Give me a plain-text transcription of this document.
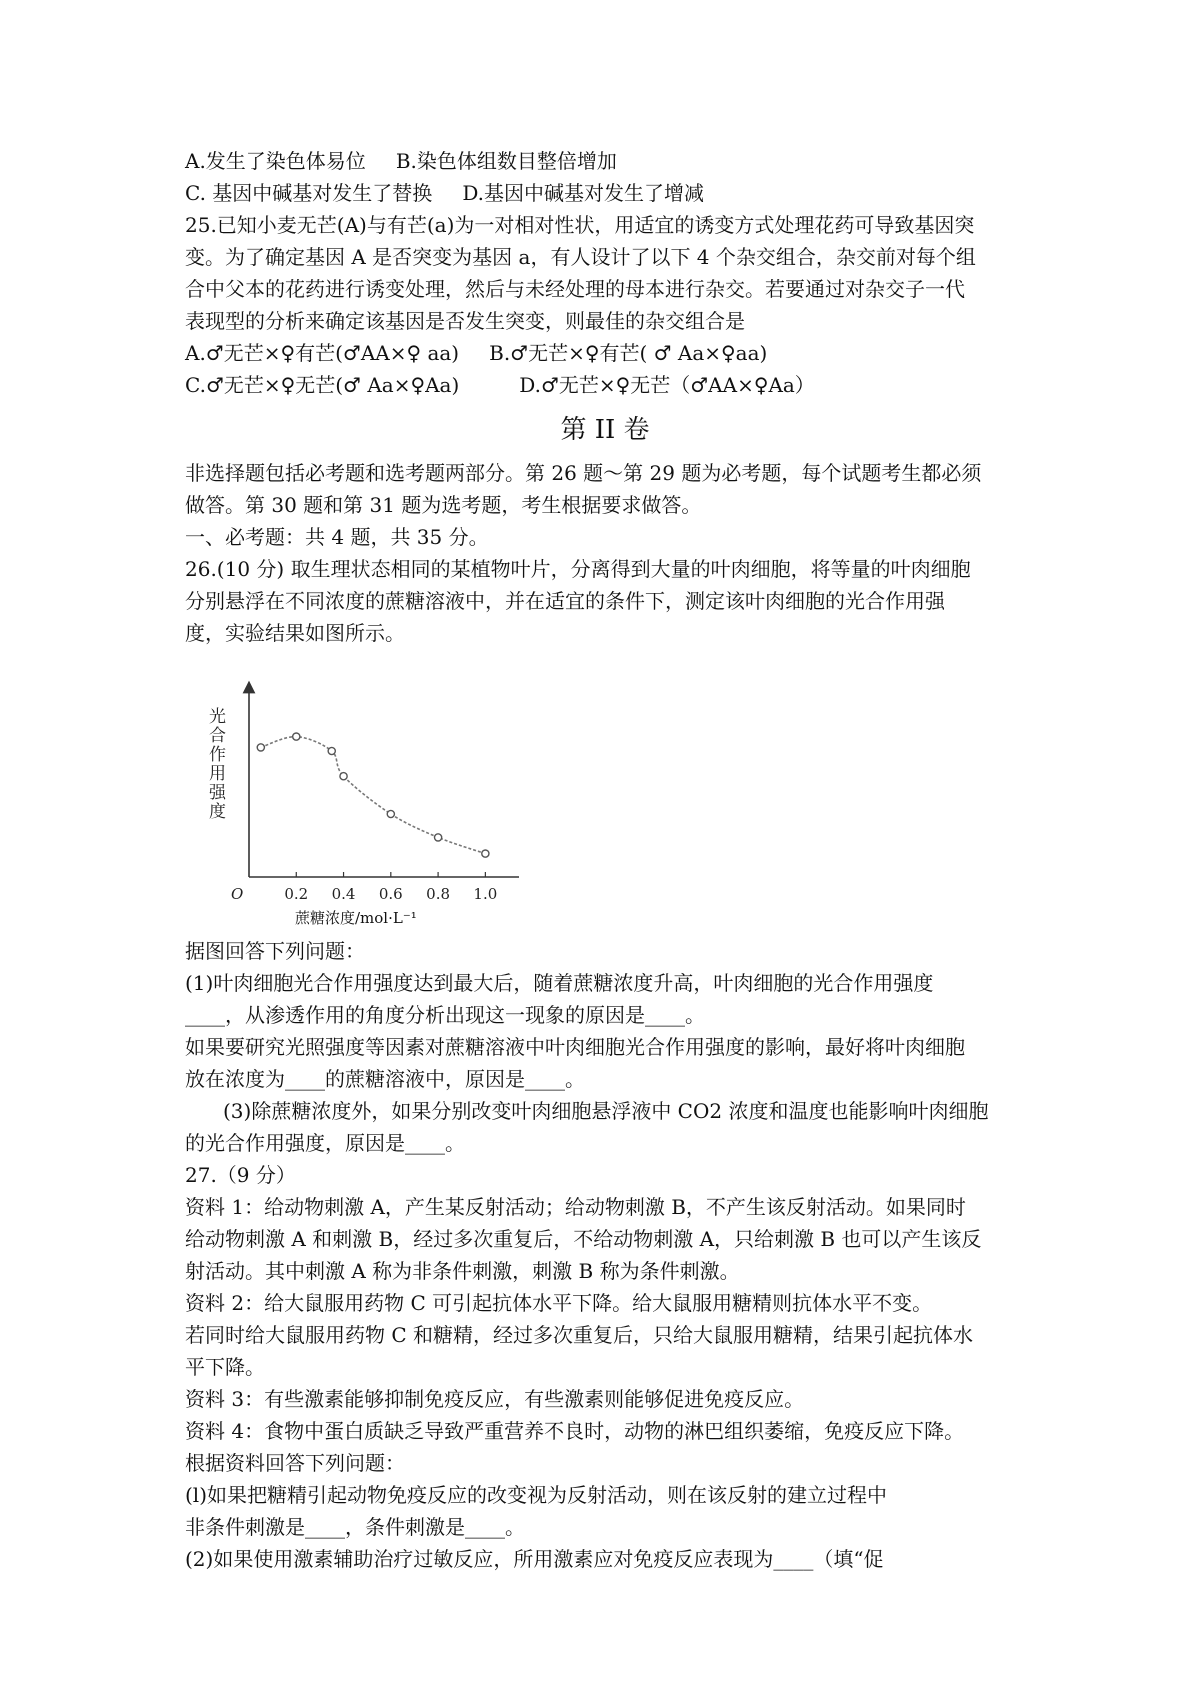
A.发生了染色体易位 B.染色体组数目整倍增加

C. 基因中碱基对发生了替换 D.基因中碱基对发生了增减

25.已知小麦无芒(A)与有芒(a)为一对相对性状，用适宜的诱变方式处理花药可导致基因突

变。为了确定基因 A 是否突变为基因 a，有人设计了以下 4 个杂交组合，杂交前对每个组

合中父本的花药进行诱变处理，然后与未经处理的母本进行杂交。若要通过对杂交子一代

表现型的分析来确定该基因是否发生突变，则最佳的杂交组合是

A.♂无芒×♀有芒(♂AA×♀ aa) B.♂无芒×♀有芒( ♂ Aa×♀aa)

C.♂无芒×♀无芒(♂ Aa×♀Aa)	D.♂无芒×♀无芒（♂AA×♀Aa）

第 II 卷

非选择题包括必考题和选考题两部分。第 26 题～第 29 题为必考题，每个试题考生都必须

做答。第 30 题和第 31 题为选考题，考生根据要求做答。

一、必考题：共 4 题，共 35 分。

26.(10 分) 取生理状态相同的某植物叶片，分离得到大量的叶肉细胞，将等量的叶肉细胞

分别悬浮在不同浓度的蔗糖溶液中，并在适宜的条件下，测定该叶肉细胞的光合作用强

度，实验结果如图所示。

光合作用强度
O	0.2 0.4 0.6 0.8 1.0

蔗糖浓度/mol·L⁻¹

据图回答下列问题：

(1)叶肉细胞光合作用强度达到最大后，随着蔗糖浓度升高，叶肉细胞的光合作用强度

____，从渗透作用的角度分析出现这一现象的原因是____。

如果要研究光照强度等因素对蔗糖溶液中叶肉细胞光合作用强度的影响，最好将叶肉细胞

放在浓度为____的蔗糖溶液中，原因是____。

(3)除蔗糖浓度外，如果分别改变叶肉细胞悬浮液中 CO2 浓度和温度也能影响叶肉细胞

的光合作用强度，原因是____。

27.（9 分）

资料 1：给动物刺激 A，产生某反射活动；给动物刺激 B，不产生该反射活动。如果同时

给动物刺激 A 和刺激 B，经过多次重复后，不给动物刺激 A，只给刺激 B 也可以产生该反

射活动。其中刺激 A 称为非条件刺激，刺激 B 称为条件刺激。

资料 2：给大鼠服用药物 C 可引起抗体水平下降。给大鼠服用糖精则抗体水平不变。

若同时给大鼠服用药物 C 和糖精，经过多次重复后，只给大鼠服用糖精，结果引起抗体水

平下降。

资料 3：有些激素能够抑制免疫反应，有些激素则能够促进免疫反应。

资料 4：食物中蛋白质缺乏导致严重营养不良时，动物的淋巴组织萎缩，免疫反应下降。

根据资料回答下列问题：

(l)如果把糖精引起动物免疫反应的改变视为反射活动，则在该反射的建立过程中

非条件刺激是____，条件刺激是____。

(2)如果使用激素辅助治疗过敏反应，所用激素应对免疫反应表现为____（填“促
